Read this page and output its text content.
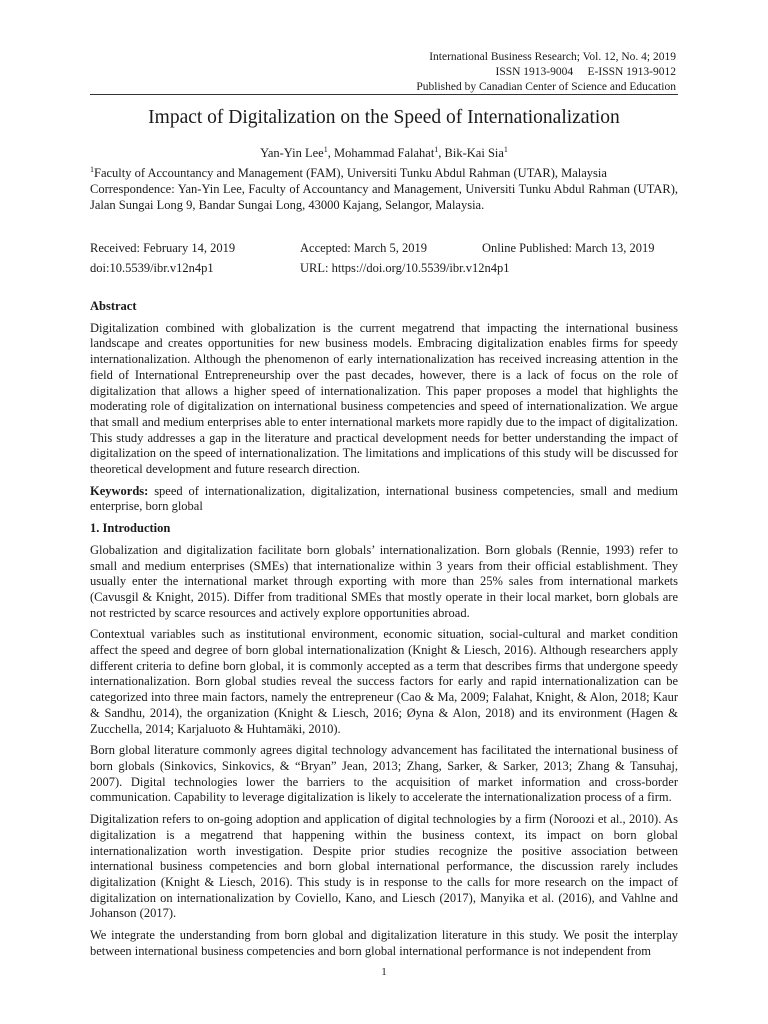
International Business Research; Vol. 12, No. 4; 2019
ISSN 1913-9004     E-ISSN 1913-9012
Published by Canadian Center of Science and Education
Impact of Digitalization on the Speed of Internationalization
Yan-Yin Lee$^1$, Mohammad Falahat$^1$, Bik-Kai Sia$^1$
$^1$Faculty of Accountancy and Management (FAM), Universiti Tunku Abdul Rahman (UTAR), Malaysia
Correspondence: Yan-Yin Lee, Faculty of Accountancy and Management, Universiti Tunku Abdul Rahman (UTAR), Jalan Sungai Long 9, Bandar Sungai Long, 43000 Kajang, Selangor, Malaysia.
Received: February 14, 2019	Accepted: March 5, 2019	Online Published: March 13, 2019
doi:10.5539/ibr.v12n4p1	URL: https://doi.org/10.5539/ibr.v12n4p1

Abstract

Digitalization combined with globalization is the current megatrend that impacting the international business landscape and creates opportunities for new business models. Embracing digitalization enables firms for speedy internationalization. Although the phenomenon of early internationalization has received increasing attention in the field of International Entrepreneurship over the past decades, however, there is a lack of focus on the role of digitalization that allows a higher speed of internationalization. This paper proposes a model that highlights the moderating role of digitalization on international business competencies and speed of internationalization. We argue that small and medium enterprises able to enter international markets more rapidly due to the impact of digitalization. This study addresses a gap in the literature and practical development needs for better understanding the impact of digitalization on the speed of internationalization. The limitations and implications of this study will be discussed for theoretical development and future research direction.

Keywords: speed of internationalization, digitalization, international business competencies, small and medium enterprise, born global

1. Introduction

Globalization and digitalization facilitate born globals’ internationalization. Born globals (Rennie, 1993) refer to small and medium enterprises (SMEs) that internationalize within 3 years from their official establishment. They usually enter the international market through exporting with more than 25% sales from international markets (Cavusgil & Knight, 2015). Differ from traditional SMEs that mostly operate in their local market, born globals are not restricted by scarce resources and actively explore opportunities abroad.

Contextual variables such as institutional environment, economic situation, social-cultural and market condition affect the speed and degree of born global internationalization (Knight & Liesch, 2016). Although researchers apply different criteria to define born global, it is commonly accepted as a term that describes firms that undergone speedy internationalization. Born global studies reveal the success factors for early and rapid internationalization can be categorized into three main factors, namely the entrepreneur (Cao & Ma, 2009; Falahat, Knight, & Alon, 2018; Kaur & Sandhu, 2014), the organization (Knight & Liesch, 2016; Øyna & Alon, 2018) and its environment (Hagen & Zucchella, 2014; Karjaluoto & Huhtamäki, 2010).

Born global literature commonly agrees digital technology advancement has facilitated the international business of born globals (Sinkovics, Sinkovics, & “Bryan” Jean, 2013; Zhang, Sarker, & Sarker, 2013; Zhang & Tansuhaj, 2007). Digital technologies lower the barriers to the acquisition of market information and cross-border communication. Capability to leverage digitalization is likely to accelerate the internationalization process of a firm.

Digitalization refers to on-going adoption and application of digital technologies by a firm (Noroozi et al., 2010). As digitalization is a megatrend that happening within the business context, its impact on born global internationalization worth investigation. Despite prior studies recognize the positive association between international business competencies and born global international performance, the discussion rarely includes digitalization (Knight & Liesch, 2016). This study is in response to the calls for more research on the impact of digitalization on internationalization by Coviello, Kano, and Liesch (2017), Manyika et al. (2016), and Vahlne and Johanson (2017).

We integrate the understanding from born global and digitalization literature in this study. We posit the interplay between international business competencies and born global international performance is not independent from

1
